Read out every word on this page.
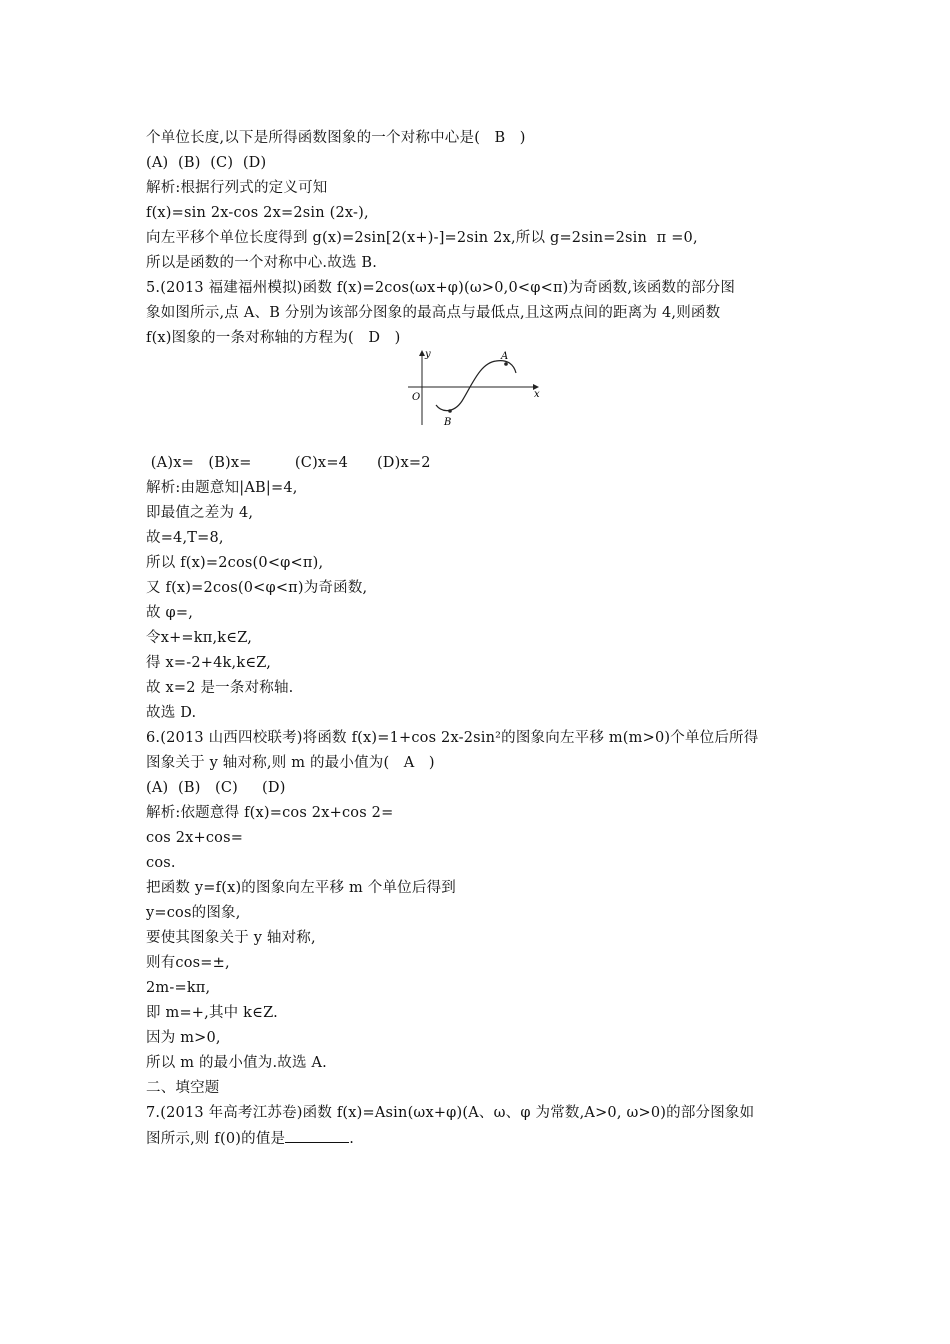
个单位长度,以下是所得函数图象的一个对称中心是(   B   )
(A)  (B)  (C)  (D)
解析:根据行列式的定义可知
f(x)=sin 2x-cos 2x=2sin (2x-),
向左平移个单位长度得到 g(x)=2sin[2(x+)-]=2sin 2x,所以 g=2sin=2sin  π =0,
所以是函数的一个对称中心.故选 B.
5.(2013 福建福州模拟)函数 f(x)=2cos(ωx+φ)(ω>0,0<φ<π)为奇函数,该函数的部分图
象如图所示,点 A、B 分别为该部分图象的最高点与最低点,且这两点间的距离为 4,则函数
f(x)图象的一条对称轴的方程为(   D   )
y
x
O
A
B
(A)x=   (B)x=         (C)x=4      (D)x=2
解析:由题意知|AB|=4,
即最值之差为 4,
故=4,T=8,
所以 f(x)=2cos(0<φ<π),
又 f(x)=2cos(0<φ<π)为奇函数,
故 φ=,
令x+=kπ,k∈Z,
得 x=-2+4k,k∈Z,
故 x=2 是一条对称轴.
故选 D.
6.(2013 山西四校联考)将函数 f(x)=1+cos 2x-2sin²的图象向左平移 m(m>0)个单位后所得
图象关于 y 轴对称,则 m 的最小值为(   A   )
(A)  (B)   (C)     (D)
解析:依题意得 f(x)=cos 2x+cos 2=
cos 2x+cos=
cos.
把函数 y=f(x)的图象向左平移 m 个单位后得到
y=cos的图象,
要使其图象关于 y 轴对称,
则有cos=±,
2m-=kπ,
即 m=+,其中 k∈Z.
因为 m>0,
所以 m 的最小值为.故选 A.
二、填空题
7.(2013 年高考江苏卷)函数 f(x)=Asin(ωx+φ)(A、ω、φ 为常数,A>0, ω>0)的部分图象如
图所示,则 f(0)的值是	.
